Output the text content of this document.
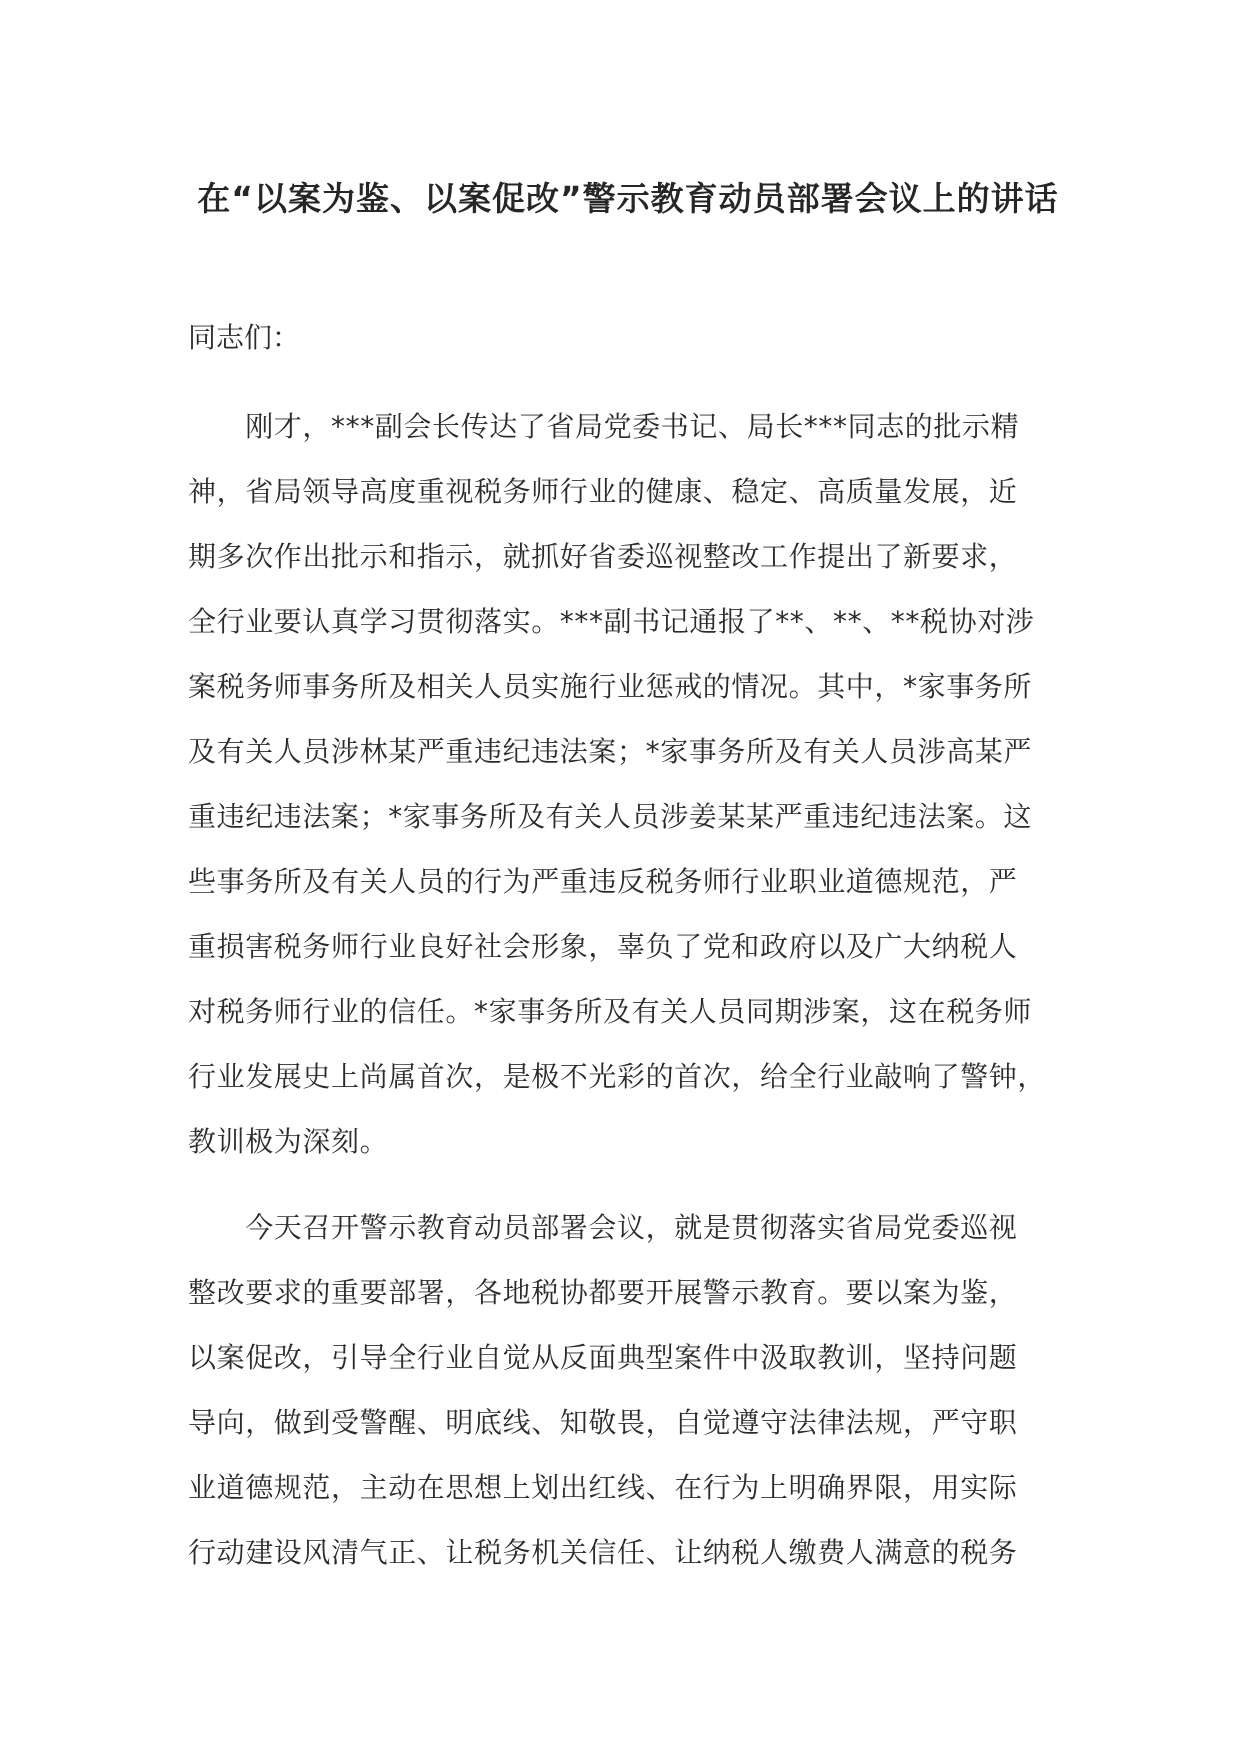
在“以案为鉴、以案促改”警示教育动员部署会议上的讲话
同志们：
　　刚才，***副会长传达了省局党委书记、局长***同志的批示精
神，省局领导高度重视税务师行业的健康、稳定、高质量发展，近
期多次作出批示和指示，就抓好省委巡视整改工作提出了新要求，
全行业要认真学习贯彻落实。***副书记通报了**、**、**税协对涉
案税务师事务所及相关人员实施行业惩戒的情况。其中，*家事务所
及有关人员涉林某严重违纪违法案；*家事务所及有关人员涉高某严
重违纪违法案；*家事务所及有关人员涉姜某某严重违纪违法案。这
些事务所及有关人员的行为严重违反税务师行业职业道德规范，严
重损害税务师行业良好社会形象，辜负了党和政府以及广大纳税人
对税务师行业的信任。*家事务所及有关人员同期涉案，这在税务师
行业发展史上尚属首次，是极不光彩的首次，给全行业敲响了警钟，
教训极为深刻。
　　今天召开警示教育动员部署会议，就是贯彻落实省局党委巡视
整改要求的重要部署，各地税协都要开展警示教育。要以案为鉴，
以案促改，引导全行业自觉从反面典型案件中汲取教训，坚持问题
导向，做到受警醒、明底线、知敬畏，自觉遵守法律法规，严守职
业道德规范，主动在思想上划出红线、在行为上明确界限，用实际
行动建设风清气正、让税务机关信任、让纳税人缴费人满意的税务
